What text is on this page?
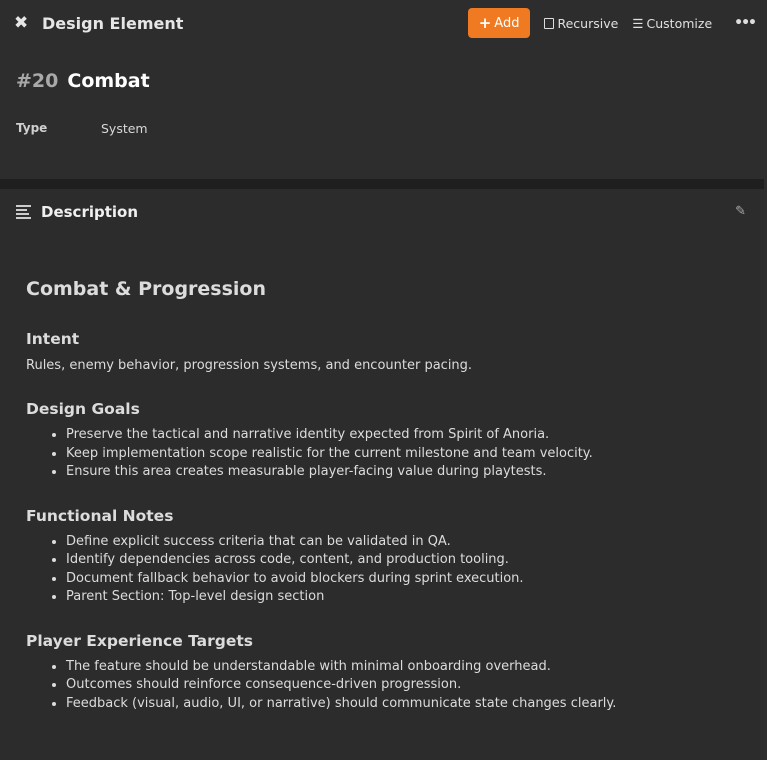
✖ Design Element	+ Add	Recursive ☰ Customize •••
#20 Combat
Type	System
Description	✎
Combat & Progression
Intent

Rules, enemy behavior, progression systems, and encounter pacing.

Design Goals
• Preserve the tactical and narrative identity expected from Spirit of Anoria.
• Keep implementation scope realistic for the current milestone and team velocity.
• Ensure this area creates measurable player-facing value during playtests.
Functional Notes
• Define explicit success criteria that can be validated in QA.
• Identify dependencies across code, content, and production tooling.
• Document fallback behavior to avoid blockers during sprint execution.
• Parent Section: Top-level design section
Player Experience Targets
• The feature should be understandable with minimal onboarding overhead.
• Outcomes should reinforce consequence-driven progression.
• Feedback (visual, audio, UI, or narrative) should communicate state changes clearly.
